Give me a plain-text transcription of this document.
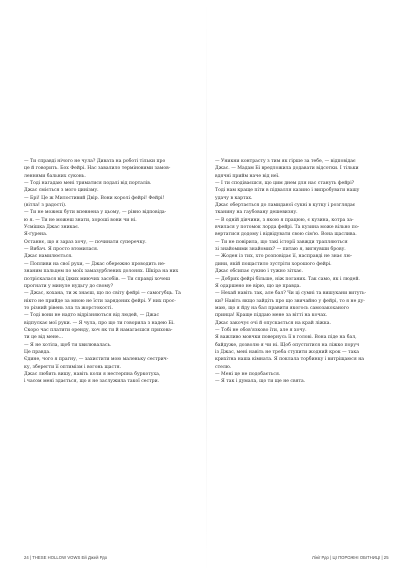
— Ти справді нічого не чула? Дивата на роботі тільки про
це й говорить. Бох Фейрі. Нас завалило терміновими замов-
леннями бальних суконь.
— Тоді нагадаю мені триматися подалі від порталів.
Джас сміється з мого цинізму.
— Брі! Це ж Милостивий Двір. Вони королі фейрі! Фейрі!
(вітла! з радості).
— Ти не можеш бути впевнена у цьому, — рівно відповіда-
ю я. — Ти не можеш знати, хороші вони чи ні.
Усмішка Джас зникає.
Я-ґурена.
Останнє, що я зараз хочу, — починати суперечку.
— Вибач. Я просто втомилася.
Джас намилюється.
— Попливи на свої рухи, — Джас обережно проводить не-
знаним пальцем по моїх замазурблених долонях. Шкіра на них
потріскалася від їдких миючих засобів. — Ти справді хочеш
прогнати у минуле нудьгу до свому?
— Джас, кохана, ти ж знаєш, що по світу фейрі — самогубць. Та
нікто не прийде за мною не їсти зарядоних фейрі. У них прос-
то різний рівень зла та жорстокості.
— Тоді вони не надто відрізняються від людей, — Джас
відпускає мої руки. — Я чула, про що ти говорила з надею Бі.
Скоро час платити оренду, хоч як ти й намагаєшся прихова-
ти це від мене...
— Я не хотіла, щоб ти хвилювалась.
Це правда.
Єдине, чого я прагну, — захистити мою маленьку сестрич-
ку, зберегти її оптимізм і вогонь щастя.
Джас любить вишу, навіть коли я нестерпна буркотуха,
і часом мені здається, що я не заслужила такої сестри.
— Уникни контрасту з тим як гірше за тебе, — відповідає
Джас. — Мадам Бі вредложила додавати відсотки. І тільки
вдячні прийм наче від неї.
— І ти сподіваєшся, що цим днем для нас стануть фейрі?
Тоді нам краще піти в підвалля казино і випробувати нашу
удачу в картах.
Джас обертається до ламиданої сукні в кутку і розглядає
тканину на гаубовану дешевизну.
— В одній дівчини, з якою я працюю, є кузина, котра за-
вчилася у потомок лорда фейрі. Та кузина може вільно по-
вертатися додому і відвідувати свою сім'ю. Вона щаслива.
— Ти не повірила, що такі історії завжди трапляються
зі знайомими знайомих? — питаю я, вигнувши брову.
— Жоден із тих, хто розповідає її, насправді не знає лю-
дини, якій пощастило зустріти хорошого фейрі.
Джас обсипає сукню і тужно зітхає.
— Добрих фейрі більше, ніж поганих. Так само, як і людей.
Я одаршено не вірю, що це правда.
— Нехай навіть так, але бал? Чи ці сумні та вишукани витуть-
ки? Навіть якщо зайдіть про що звичайно у фейрі, то я не ду-
маю, що я йду на бал правити якогось самозакоханого
принца! Краще піддаю мене за вітті на кочах.
Джас закочує очі й опускається на край ліжка.
— Тобі не обов'язково їти, але я хочу.
Я важливо мовчки повернусь її в голові. Вона піде на бал,
байдуже, дозволю я чи ні. Щоб опуститися на ліжко поруч
із Джас, мені навіть не треба ступити жодний крок — така
крихітна наша кімната. Я поклала торбинку і витріщаюся на
стелю.
— Мені це не подобається.
— Я так і думала, що ти ще не свята.
24 | THESE HOLLOW VOWS Ей Джей Рдо	Лінії Рдо | ЦІ ПОРОЖНІ ОБІТНИЦІ | 25
